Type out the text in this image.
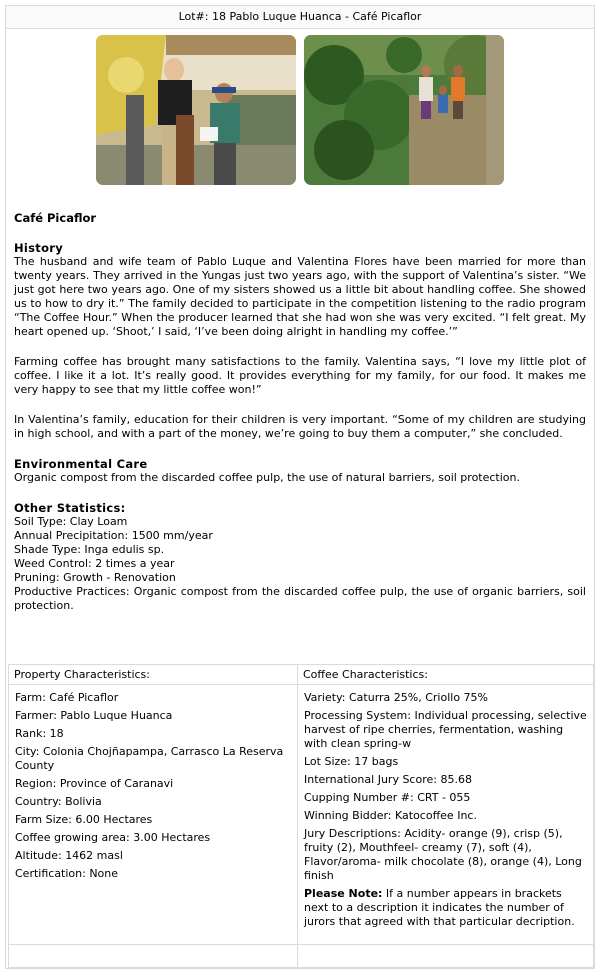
Lot#: 18 Pablo Luque Huanca - Café Picaflor

Café Picaflor

History

The husband and wife team of Pablo Luque and Valentina Flores have been married for more than twenty years. They arrived in the Yungas just two years ago, with the support of Valentina’s sister. “We just got here two years ago. One of my sisters showed us a little bit about handling coffee. She showed us to how to dry it.” The family decided to participate in the competition listening to the radio program “The Coffee Hour.” When the producer learned that she had won she was very excited. “I felt great. My heart opened up. ‘Shoot,’ I said, ‘I’ve been doing alright in handling my coffee.’”

Farming coffee has brought many satisfactions to the family. Valentina says, “I love my little plot of coffee. I like it a lot. It’s really good. It provides everything for my family, for our food. It makes me very happy to see that my little coffee won!”

In Valentina’s family, education for their children is very important. “Some of my children are studying in high school, and with a part of the money, we’re going to buy them a computer,” she concluded.

Environmental Care

Organic compost from the discarded coffee pulp, the use of natural barriers, soil protection.

Other Statistics:

Soil Type: Clay Loam

Annual Precipitation: 1500 mm/year

Shade Type: Inga edulis sp.

Weed Control: 2 times a year

Pruning: Growth - Renovation

Productive Practices: Organic compost from the discarded coffee pulp, the use of organic barriers, soil protection.

Property Characteristics:
Farm: Café Picaflor
Farmer: Pablo Luque Huanca
Rank: 18
City: Colonia Chojñapampa, Carrasco La Reserva County
Region: Province of Caranavi
Country: Bolivia
Farm Size: 6.00 Hectares
Coffee growing area: 3.00 Hectares
Altitude: 1462 masl
Certification: None
Coffee Characteristics:
Variety: Caturra 25%, Criollo 75%
Processing System: Individual processing, selective harvest of ripe cherries, fermentation, washing with clean spring-w
Lot Size: 17 bags
International Jury Score: 85.68
Cupping Number #: CRT - 055
Winning Bidder: Katocoffee Inc.
Jury Descriptions: Acidity- orange (9), crisp (5), fruity (2), Mouthfeel- creamy (7), soft (4), Flavor/aroma- milk chocolate (8), orange (4), Long finish
Please Note: If a number appears in brackets next to a description it indicates the number of jurors that agreed with that particular decription.
